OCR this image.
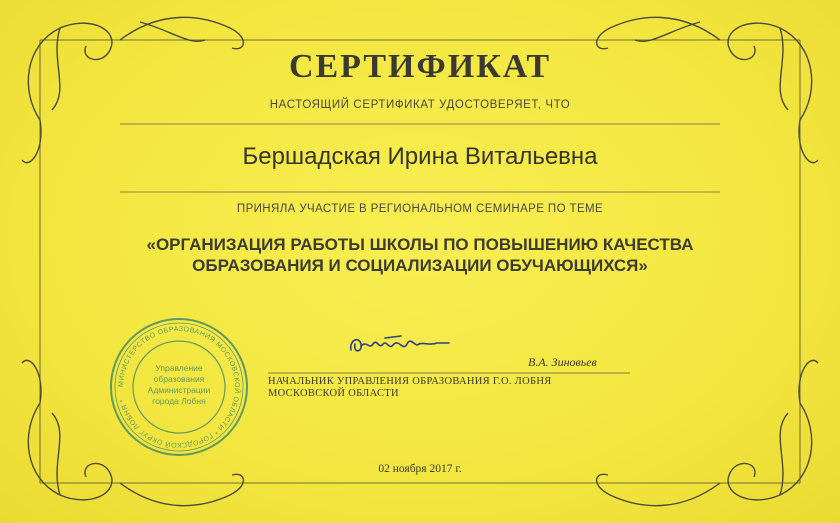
СЕРТИФИКАТ
НАСТОЯЩИЙ СЕРТИФИКАТ УДОСТОВЕРЯЕТ, ЧТО
Бершадская Ирина Витальевна
ПРИНЯЛА УЧАСТИЕ В РЕГИОНАЛЬНОМ СЕМИНАРЕ ПО ТЕМЕ
«ОРГАНИЗАЦИЯ РАБОТЫ ШКОЛЫ ПО ПОВЫШЕНИЮ КАЧЕСТВА
ОБРАЗОВАНИЯ И СОЦИАЛИЗАЦИИ ОБУЧАЮЩИХСЯ»
В.А. Зиновьев
НАЧАЛЬНИК УПРАВЛЕНИЯ ОБРАЗОВАНИЯ Г.О. ЛОБНЯ
МОСКОВСКОЙ ОБЛАСТИ
МИНИСТЕРСТВО ОБРАЗОВАНИЯ МОСКОВСКОЙ ОБЛАСТИ * ГОРОДСКОЙ ОКРУГ ЛОБНЯ *
Управление
образования
Администрации
города Лобня
02 ноября 2017 г.
